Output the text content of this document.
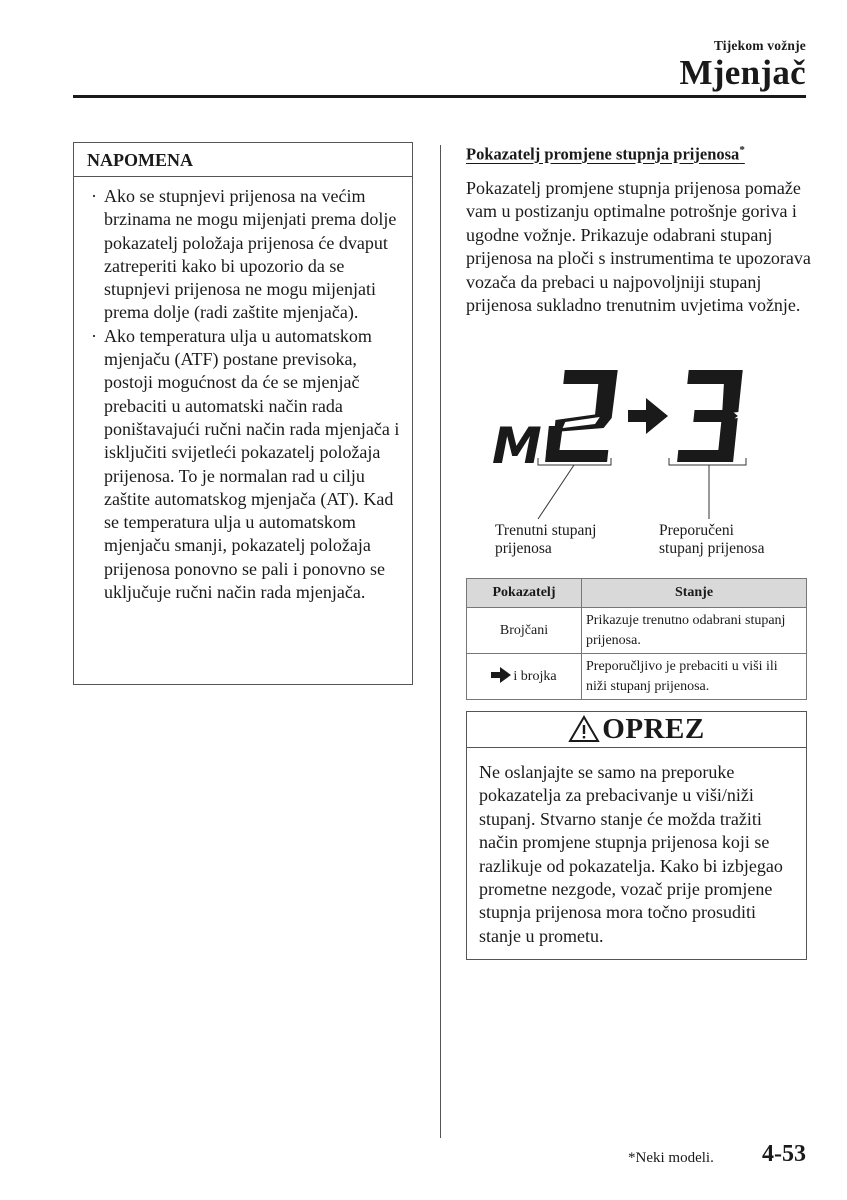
Tijekom vožnje
Mjenjač
NAPOMENA
· Ako se stupnjevi prijenosa na većim brzinama ne mogu mijenjati prema dolje pokazatelj položaja prijenosa će dvaput zatreperiti kako bi upozorio da se stupnjevi prijenosa ne mogu mijenjati prema dolje (radi zaštite mjenjača).
· Ako temperatura ulja u automatskom mjenjaču (ATF) postane previsoka, postoji mogućnost da će se mjenjač prebaciti u automatski način rada poništavajući ručni način rada mjenjača i isključiti svijetleći pokazatelj položaja prijenosa. To je normalan rad u cilju zaštite automatskog mjenjača (AT). Kad se temperatura ulja u automatskom mjenjaču smanji, pokazatelj položaja prijenosa ponovno se pali i ponovno se uključuje ručni način rada mjenjača.
Pokazatelj promjene stupnja prijenosa*
Pokazatelj promjene stupnja prijenosa pomaže vam u postizanju optimalne potrošnje goriva i ugodne vožnje. Prikazuje odabrani stupanj prijenosa na ploči s instrumentima te upozorava vozača da prebaci u najpovoljniji stupanj prijenosa sukladno trenutnim uvjetima vožnje.
M
Trenutni stupanj
prijenosa
Preporučeni
stupanj prijenosa
Pokazatelj	Stanje
Brojčani	Prikazuje trenutno odabrani stupanj prijenosa.
i brojka	Preporučljivo je prebaciti u viši ili niži stupanj prijenosa.
OPREZ
Ne oslanjajte se samo na preporuke pokazatelja za prebacivanje u viši/niži stupanj. Stvarno stanje će možda tražiti način promjene stupnja prijenosa koji se razlikuje od pokazatelja. Kako bi izbjegao prometne nezgode, vozač prije promjene stupnja prijenosa mora točno prosuditi stanje u prometu.
*Neki modeli. 4-53
